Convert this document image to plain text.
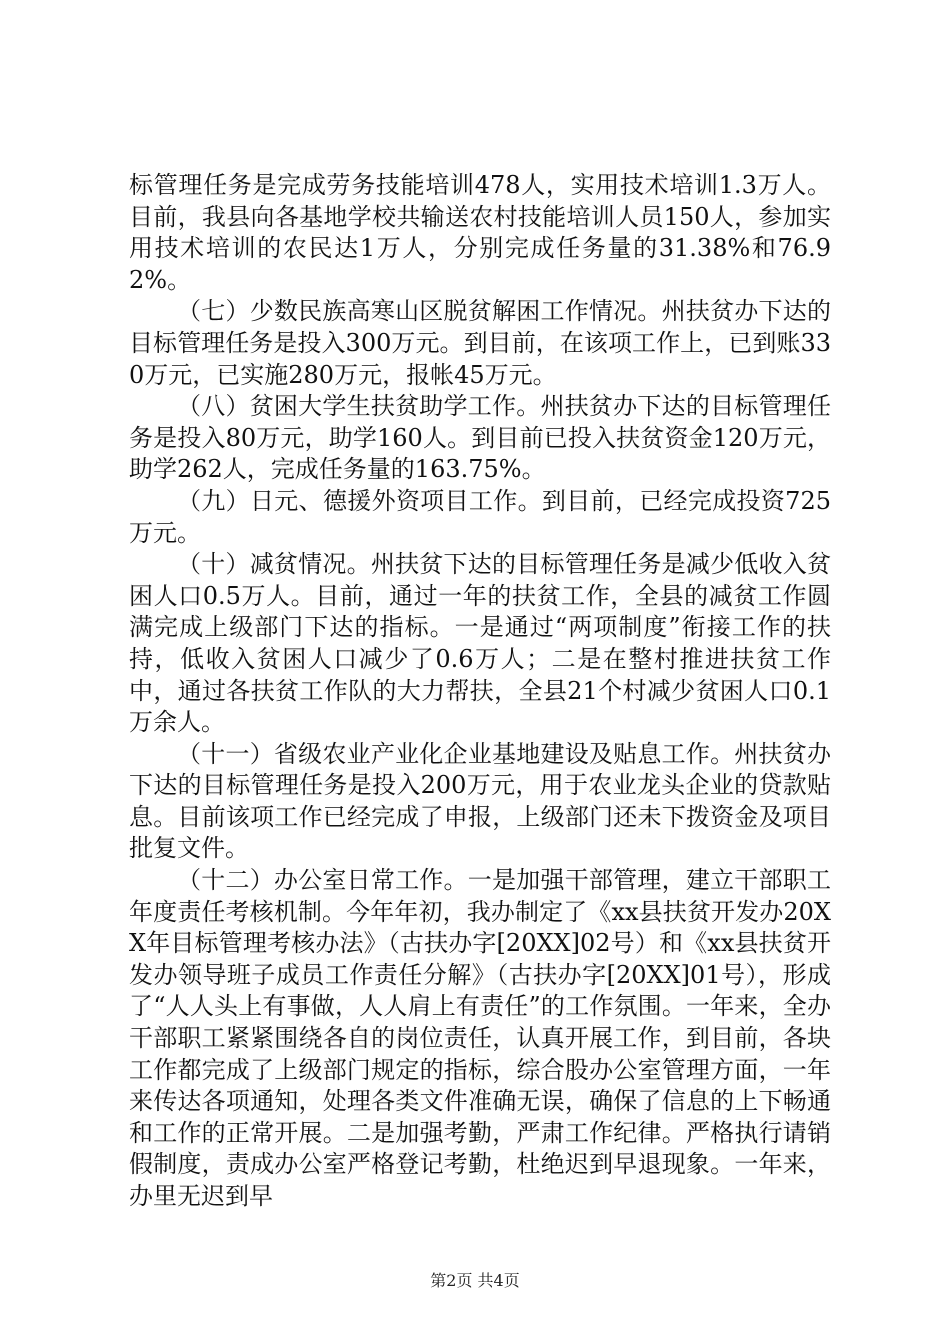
标管理任务是完成劳务技能培训478人，实用技术培训1.3万人。目前，我县向各基地学校共输送农村技能培训人员150人，参加实用技术培训的农民达1万人，分别完成任务量的31.38%和76.92%。

（七）少数民族高寒山区脱贫解困工作情况。州扶贫办下达的目标管理任务是投入300万元。到目前，在该项工作上，已到账330万元，已实施280万元，报帐45万元。

（八）贫困大学生扶贫助学工作。州扶贫办下达的目标管理任务是投入80万元，助学160人。到目前已投入扶贫资金120万元，助学262人，完成任务量的163.75%。

（九）日元、德援外资项目工作。到目前，已经完成投资725万元。

（十）减贫情况。州扶贫下达的目标管理任务是减少低收入贫困人口0.5万人。目前，通过一年的扶贫工作，全县的减贫工作圆满完成上级部门下达的指标。一是通过“两项制度”衔接工作的扶持，低收入贫困人口减少了0.6万人；二是在整村推进扶贫工作中，通过各扶贫工作队的大力帮扶，全县21个村减少贫困人口0.1万余人。

（十一）省级农业产业化企业基地建设及贴息工作。州扶贫办下达的目标管理任务是投入200万元，用于农业龙头企业的贷款贴息。目前该项工作已经完成了申报，上级部门还未下拨资金及项目批复文件。

（十二）办公室日常工作。一是加强干部管理，建立干部职工年度责任考核机制。今年年初，我办制定了《xx县扶贫开发办20XX年目标管理考核办法》（古扶办字[20XX]02号）和《xx县扶贫开发办领导班子成员工作责任分解》（古扶办字[20XX]01号），形成了“人人头上有事做，人人肩上有责任”的工作氛围。一年来，全办干部职工紧紧围绕各自的岗位责任，认真开展工作，到目前，各块工作都完成了上级部门规定的指标，综合股办公室管理方面，一年来传达各项通知，处理各类文件准确无误，确保了信息的上下畅通和工作的正常开展。二是加强考勤，严肃工作纪律。严格执行请销假制度，责成办公室严格登记考勤，杜绝迟到早退现象。一年来，办里无迟到早

第2页 共4页
